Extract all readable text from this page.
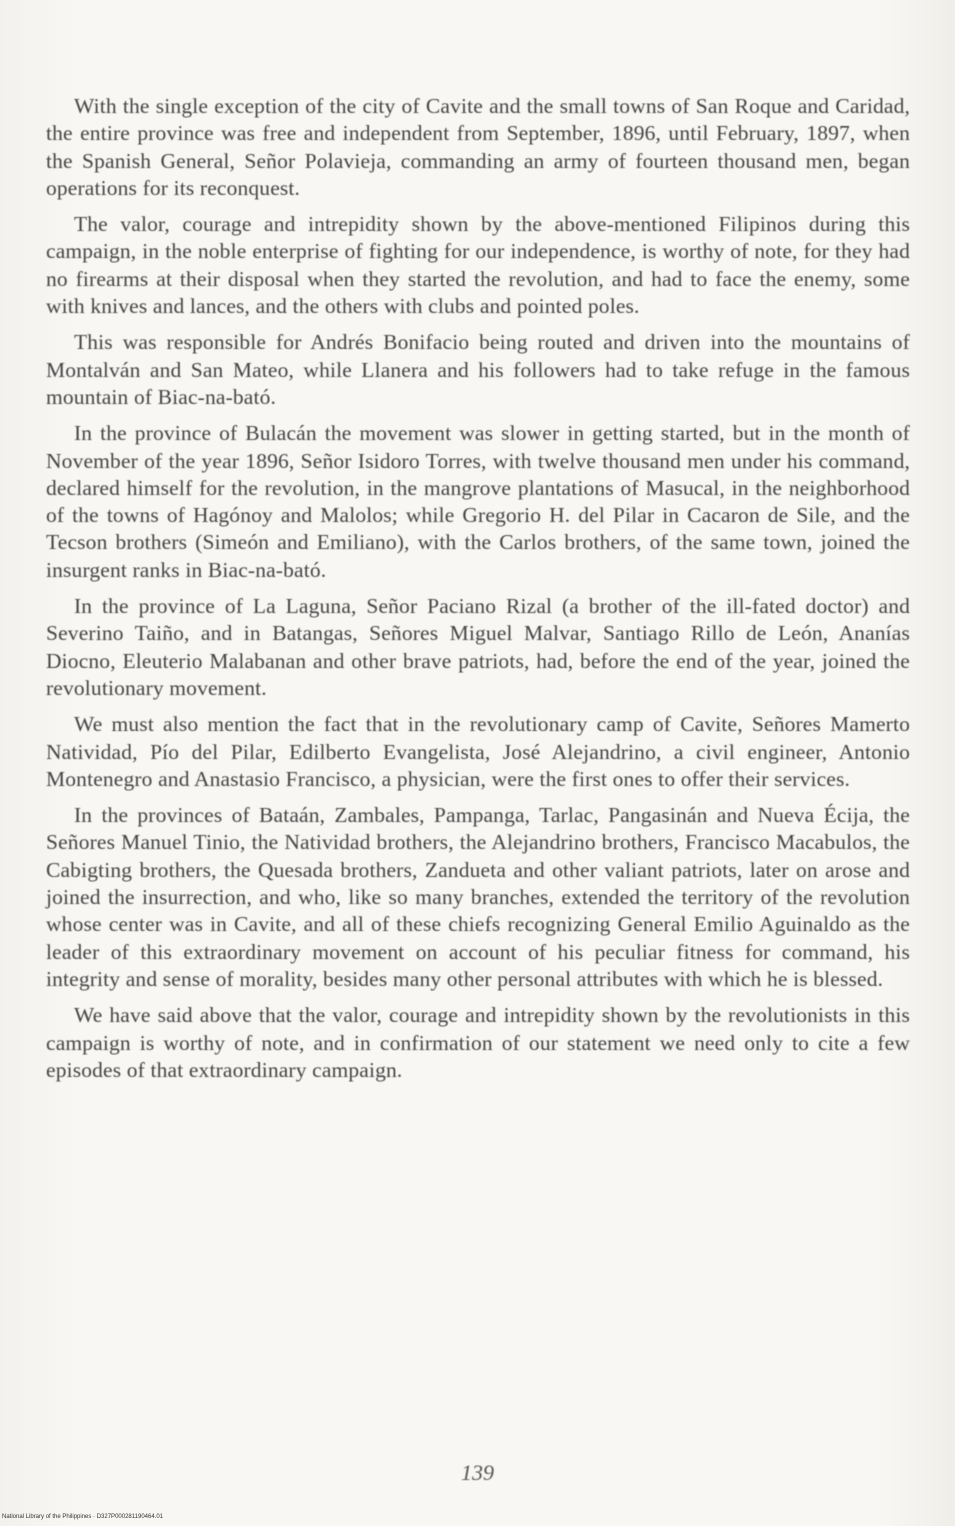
With the single exception of the city of Cavite and the small towns of San Roque and Caridad, the entire province was free and independent from September, 1896, until February, 1897, when the Spanish General, Señor Polavieja, commanding an army of fourteen thousand men, began operations for its reconquest.

The valor, courage and intrepidity shown by the above-mentioned Filipinos during this campaign, in the noble enterprise of fighting for our independence, is worthy of note, for they had no firearms at their disposal when they started the revolution, and had to face the enemy, some with knives and lances, and the others with clubs and pointed poles.

This was responsible for Andrés Bonifacio being routed and driven into the mountains of Montalván and San Mateo, while Llanera and his followers had to take refuge in the famous mountain of Biac-na-bató.

In the province of Bulacán the movement was slower in getting started, but in the month of November of the year 1896, Señor Isidoro Torres, with twelve thousand men under his command, declared himself for the revolution, in the mangrove plantations of Masucal, in the neighborhood of the towns of Hagónoy and Malolos; while Gregorio H. del Pilar in Cacaron de Sile, and the Tecson brothers (Simeón and Emiliano), with the Carlos brothers, of the same town, joined the insurgent ranks in Biac-na-bató.

In the province of La Laguna, Señor Paciano Rizal (a brother of the ill-fated doctor) and Severino Taiño, and in Batangas, Señores Miguel Malvar, Santiago Rillo de León, Ananías Diocno, Eleuterio Malabanan and other brave patriots, had, before the end of the year, joined the revolutionary movement.

We must also mention the fact that in the revolutionary camp of Cavite, Señores Mamerto Natividad, Pío del Pilar, Edilberto Evangelista, José Alejandrino, a civil engineer, Antonio Montenegro and Anastasio Francisco, a physician, were the first ones to offer their services.

In the provinces of Bataán, Zambales, Pampanga, Tarlac, Pangasinán and Nueva Écija, the Señores Manuel Tinio, the Natividad brothers, the Alejandrino brothers, Francisco Macabulos, the Cabigting brothers, the Quesada brothers, Zandueta and other valiant patriots, later on arose and joined the insurrection, and who, like so many branches, extended the territory of the revolution whose center was in Cavite, and all of these chiefs recognizing General Emilio Aguinaldo as the leader of this extraordinary movement on account of his peculiar fitness for command, his integrity and sense of morality, besides many other personal attributes with which he is blessed.

We have said above that the valor, courage and intrepidity shown by the revolutionists in this campaign is worthy of note, and in confirmation of our statement we need only to cite a few episodes of that extraordinary campaign.

139
National Library of the Philippines · D327P000281190464.01
